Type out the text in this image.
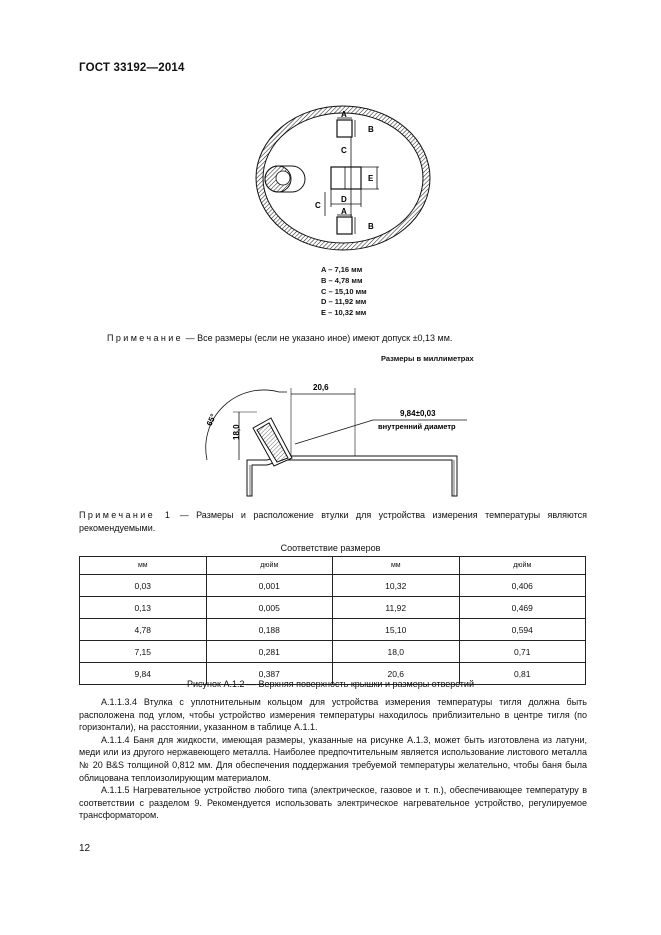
ГОСТ 33192—2014
A
B
C
E
D
C
A
B
A – 7,16 мм
B – 4,78 мм
C – 15,10 мм
D – 11,92 мм
E – 10,32 мм
Примечание — Все размеры (если не указано иное) имеют допуск ±0,13 мм.
Размеры в миллиметрах
65°
18,0
20,6
9,84±0,03
внутренний диаметр
Примечание 1 — Размеры и расположение втулки для устройства измерения температуры являются рекомендуемыми.
Соответствие размеров
мм	дюйм	мм	дюйм
0,03	0,001	10,32	0,406
0,13	0,005	11,92	0,469
4,78	0,188	15,10	0,594
7,15	0,281	18,0	0,71
9,84	0,387	20,6	0,81
Рисунок А.1.2 — Верхняя поверхность крышки и размеры отверстий

А.1.1.3.4 Втулка с уплотнительным кольцом для устройства измерения температуры тигля должна быть расположена под углом, чтобы устройство измерения температуры находилось приблизительно в центре тигля (по горизонтали), на расстоянии, указанном в таблице А.1.1.

А.1.1.4 Баня для жидкости, имеющая размеры, указанные на рисунке А.1.3, может быть изготовлена из латуни, меди или из другого нержавеющего металла. Наиболее предпочтительным является использование листового металла № 20 B&S толщиной 0,812 мм. Для обеспечения поддержания требуемой температуры желательно, чтобы баня была облицована теплоизолирующим материалом.

А.1.1.5 Нагревательное устройство любого типа (электрическое, газовое и т. п.), обеспечивающее температуру в соответствии с разделом 9. Рекомендуется использовать электрическое нагревательное устройство, регулируемое трансформатором.

12
